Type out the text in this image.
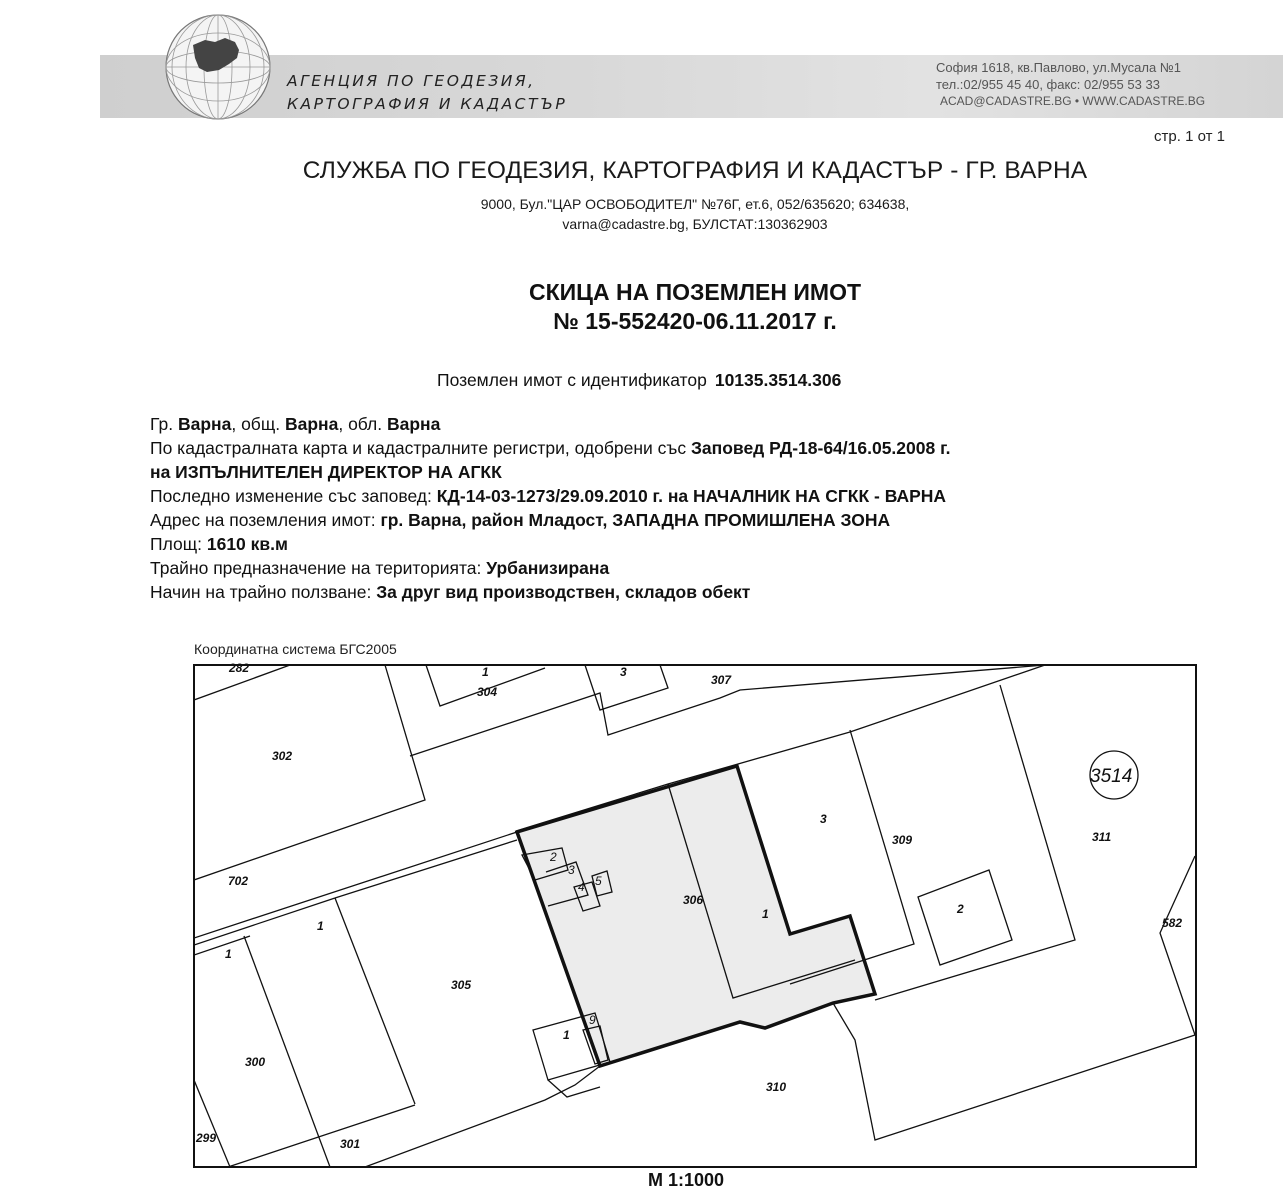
АГЕНЦИЯ ПО ГЕОДЕЗИЯ,
КАРТОГРАФИЯ И КАДАСТЪР
София 1618, кв.Павлово, ул.Мусала №1
тел.:02/955 45 40, факс: 02/955 53 33
ACAD@CADASTRE.BG • WWW.CADASTRE.BG
стр. 1 от 1
СЛУЖБА ПО ГЕОДЕЗИЯ, КАРТОГРАФИЯ И КАДАСТЪР - ГР. ВАРНА
9000, Бул."ЦАР ОСВОБОДИТЕЛ" №76Г, ет.6, 052/635620; 634638,
varna@cadastre.bg, БУЛСТАТ:130362903
СКИЦА НА ПОЗЕМЛЕН ИМОТ
№ 15-552420-06.11.2017 г.
Поземлен имот с идентификатор 10135.3514.306
Гр. Варна, общ. Варна, обл. Варна
По кадастралната карта и кадастралните регистри, одобрени със Заповед РД-18-64/16.05.2008 г.
на ИЗПЪЛНИТЕЛЕН ДИРЕКТОР НА АГКК
Последно изменение със заповед: КД-14-03-1273/29.09.2010 г. на НАЧАЛНИК НА СГКК - ВАРНА
Адрес на поземления имот: гр. Варна, район Младост, ЗАПАДНА ПРОМИШЛЕНА ЗОНА
Площ: 1610 кв.м
Трайно предназначение на територията: Урбанизирана
Начин на трайно ползване: За друг вид производствен, складов обект
Координатна система БГС2005
3514
282
302
304
307
702
305
300
301
299
306
309	311
310
582
1	3
1
2
3
4 5
9
1
1
1
3
2
М 1:1000
